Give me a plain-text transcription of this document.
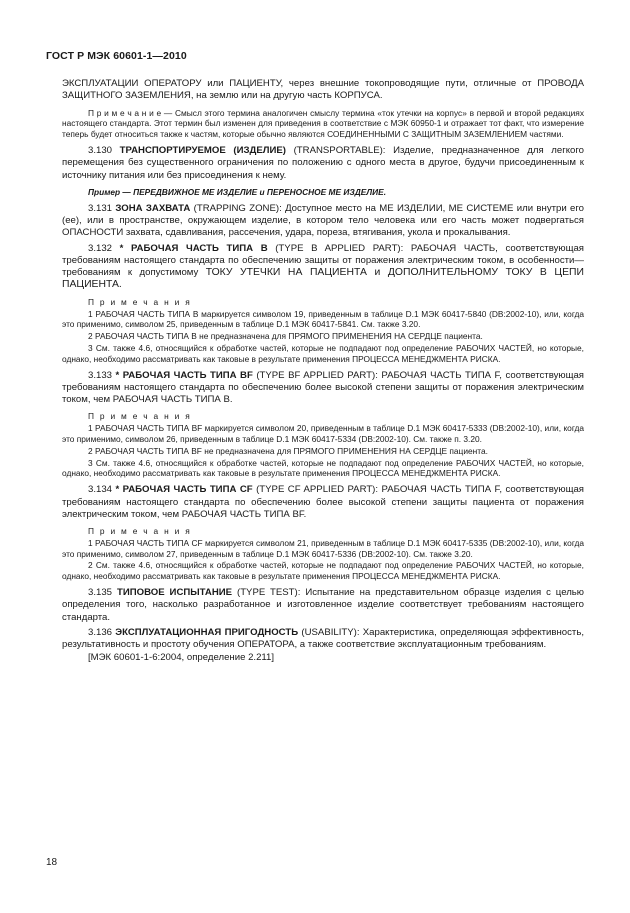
ГОСТ Р МЭК 60601-1—2010

ЭКСПЛУАТАЦИИ ОПЕРАТОРУ или ПАЦИЕНТУ, через внешние токопроводящие пути, отличные от ПРОВОДА ЗАЩИТНОГО ЗАЗЕМЛЕНИЯ, на землю или на другую часть КОРПУСА.

П р и м е ч а н и е — Смысл этого термина аналогичен смыслу термина «ток утечки на корпус» в первой и второй редакциях настоящего стандарта. Этот термин был изменен для приведения в соответствие с МЭК 60950-1 и отражает тот факт, что измерение теперь будет относиться также к частям, которые обычно являются СОЕДИНЕННЫМИ С ЗАЩИТНЫМ ЗАЗЕМЛЕНИЕМ частями.

3.130 ТРАНСПОРТИРУЕМОЕ (ИЗДЕЛИЕ) (TRANSPORTABLE): Изделие, предназначенное для легкого перемещения без существенного ограничения по положению с одного места в другое, будучи присоединенным к источнику питания или без присоединения к нему.

Пример — ПЕРЕДВИЖНОЕ МЕ ИЗДЕЛИЕ и ПЕРЕНОСНОЕ МЕ ИЗДЕЛИЕ.

3.131 ЗОНА ЗАХВАТА (TRAPPING ZONE): Доступное место на МЕ ИЗДЕЛИИ, МЕ СИСТЕМЕ или внутри его (ее), или в пространстве, окружающем изделие, в котором тело человека или его часть может подвергаться ОПАСНОСТИ захвата, сдавливания, рассечения, удара, пореза, втягивания, укола и прокалывания.

3.132 * РАБОЧАЯ ЧАСТЬ ТИПА В (TYPE B APPLIED PART): РАБОЧАЯ ЧАСТЬ, соответствующая требованиям настоящего стандарта по обеспечению защиты от поражения электрическим током, в особенности— требованиям к допустимому ТОКУ УТЕЧКИ НА ПАЦИЕНТА и ДОПОЛНИТЕЛЬНОМУ ТОКУ В ЦЕПИ ПАЦИЕНТА.

П р и м е ч а н и я

1 РАБОЧАЯ ЧАСТЬ ТИПА В маркируется символом 19, приведенным в таблице D.1 МЭК 60417-5840 (DB:2002-10), или, когда это применимо, символом 25, приведенным в таблице D.1 МЭК 60417-5841. См. также 3.20.

2 РАБОЧАЯ ЧАСТЬ ТИПА В не предназначена для ПРЯМОГО ПРИМЕНЕНИЯ НА СЕРДЦЕ пациента.

3 См. также 4.6, относящийся к обработке частей, которые не подпадают под определение РАБОЧИХ ЧАСТЕЙ, но которые, однако, необходимо рассматривать как таковые в результате применения ПРОЦЕССА МЕНЕДЖМЕНТА РИСКА.

3.133 * РАБОЧАЯ ЧАСТЬ ТИПА BF (TYPE BF APPLIED PART): РАБОЧАЯ ЧАСТЬ ТИПА F, соответствующая требованиям настоящего стандарта по обеспечению более высокой степени защиты от поражения электрическим током, чем РАБОЧАЯ ЧАСТЬ ТИПА В.

П р и м е ч а н и я

1 РАБОЧАЯ ЧАСТЬ ТИПА BF маркируется символом 20, приведенным в таблице D.1 МЭК 60417-5333 (DB:2002-10), или, когда это применимо, символом 26, приведенным в таблице D.1 МЭК 60417-5334 (DB:2002-10). См. также п. 3.20.

2 РАБОЧАЯ ЧАСТЬ ТИПА BF не предназначена для ПРЯМОГО ПРИМЕНЕНИЯ НА СЕРДЦЕ пациента.

3 См. также 4.6, относящийся к обработке частей, которые не подпадают под определение РАБОЧИХ ЧАСТЕЙ, но которые, однако, необходимо рассматривать как таковые в результате применения ПРОЦЕССА МЕНЕДЖМЕНТА РИСКА.

3.134 * РАБОЧАЯ ЧАСТЬ ТИПА CF (TYPE CF APPLIED PART): РАБОЧАЯ ЧАСТЬ ТИПА F, соответствующая требованиям настоящего стандарта по обеспечению более высокой степени защиты пациента от поражения электрическим током, чем РАБОЧАЯ ЧАСТЬ ТИПА BF.

П р и м е ч а н и я

1 РАБОЧАЯ ЧАСТЬ ТИПА CF маркируется символом 21, приведенным в таблице D.1 МЭК 60417-5335 (DB:2002-10), или, когда это применимо, символом 27, приведенным в таблице D.1 МЭК 60417-5336 (DB:2002-10). См. также 3.20.

2 См. также 4.6, относящийся к обработке частей, которые не подпадают под определение РАБОЧИХ ЧАСТЕЙ, но которые, однако, необходимо рассматривать как таковые в результате применения ПРОЦЕССА МЕНЕДЖМЕНТА РИСКА.

3.135 ТИПОВОЕ ИСПЫТАНИЕ (TYPE TEST): Испытание на представительном образце изделия с целью определения того, насколько разработанное и изготовленное изделие соответствует требованиям настоящего стандарта.

3.136 ЭКСПЛУАТАЦИОННАЯ ПРИГОДНОСТЬ (USABILITY): Характеристика, определяющая эффективность, результативность и простоту обучения ОПЕРАТОРА, а также соответствие эксплуатационным требованиям.

[МЭК 60601-1-6:2004, определение 2.211]

18
